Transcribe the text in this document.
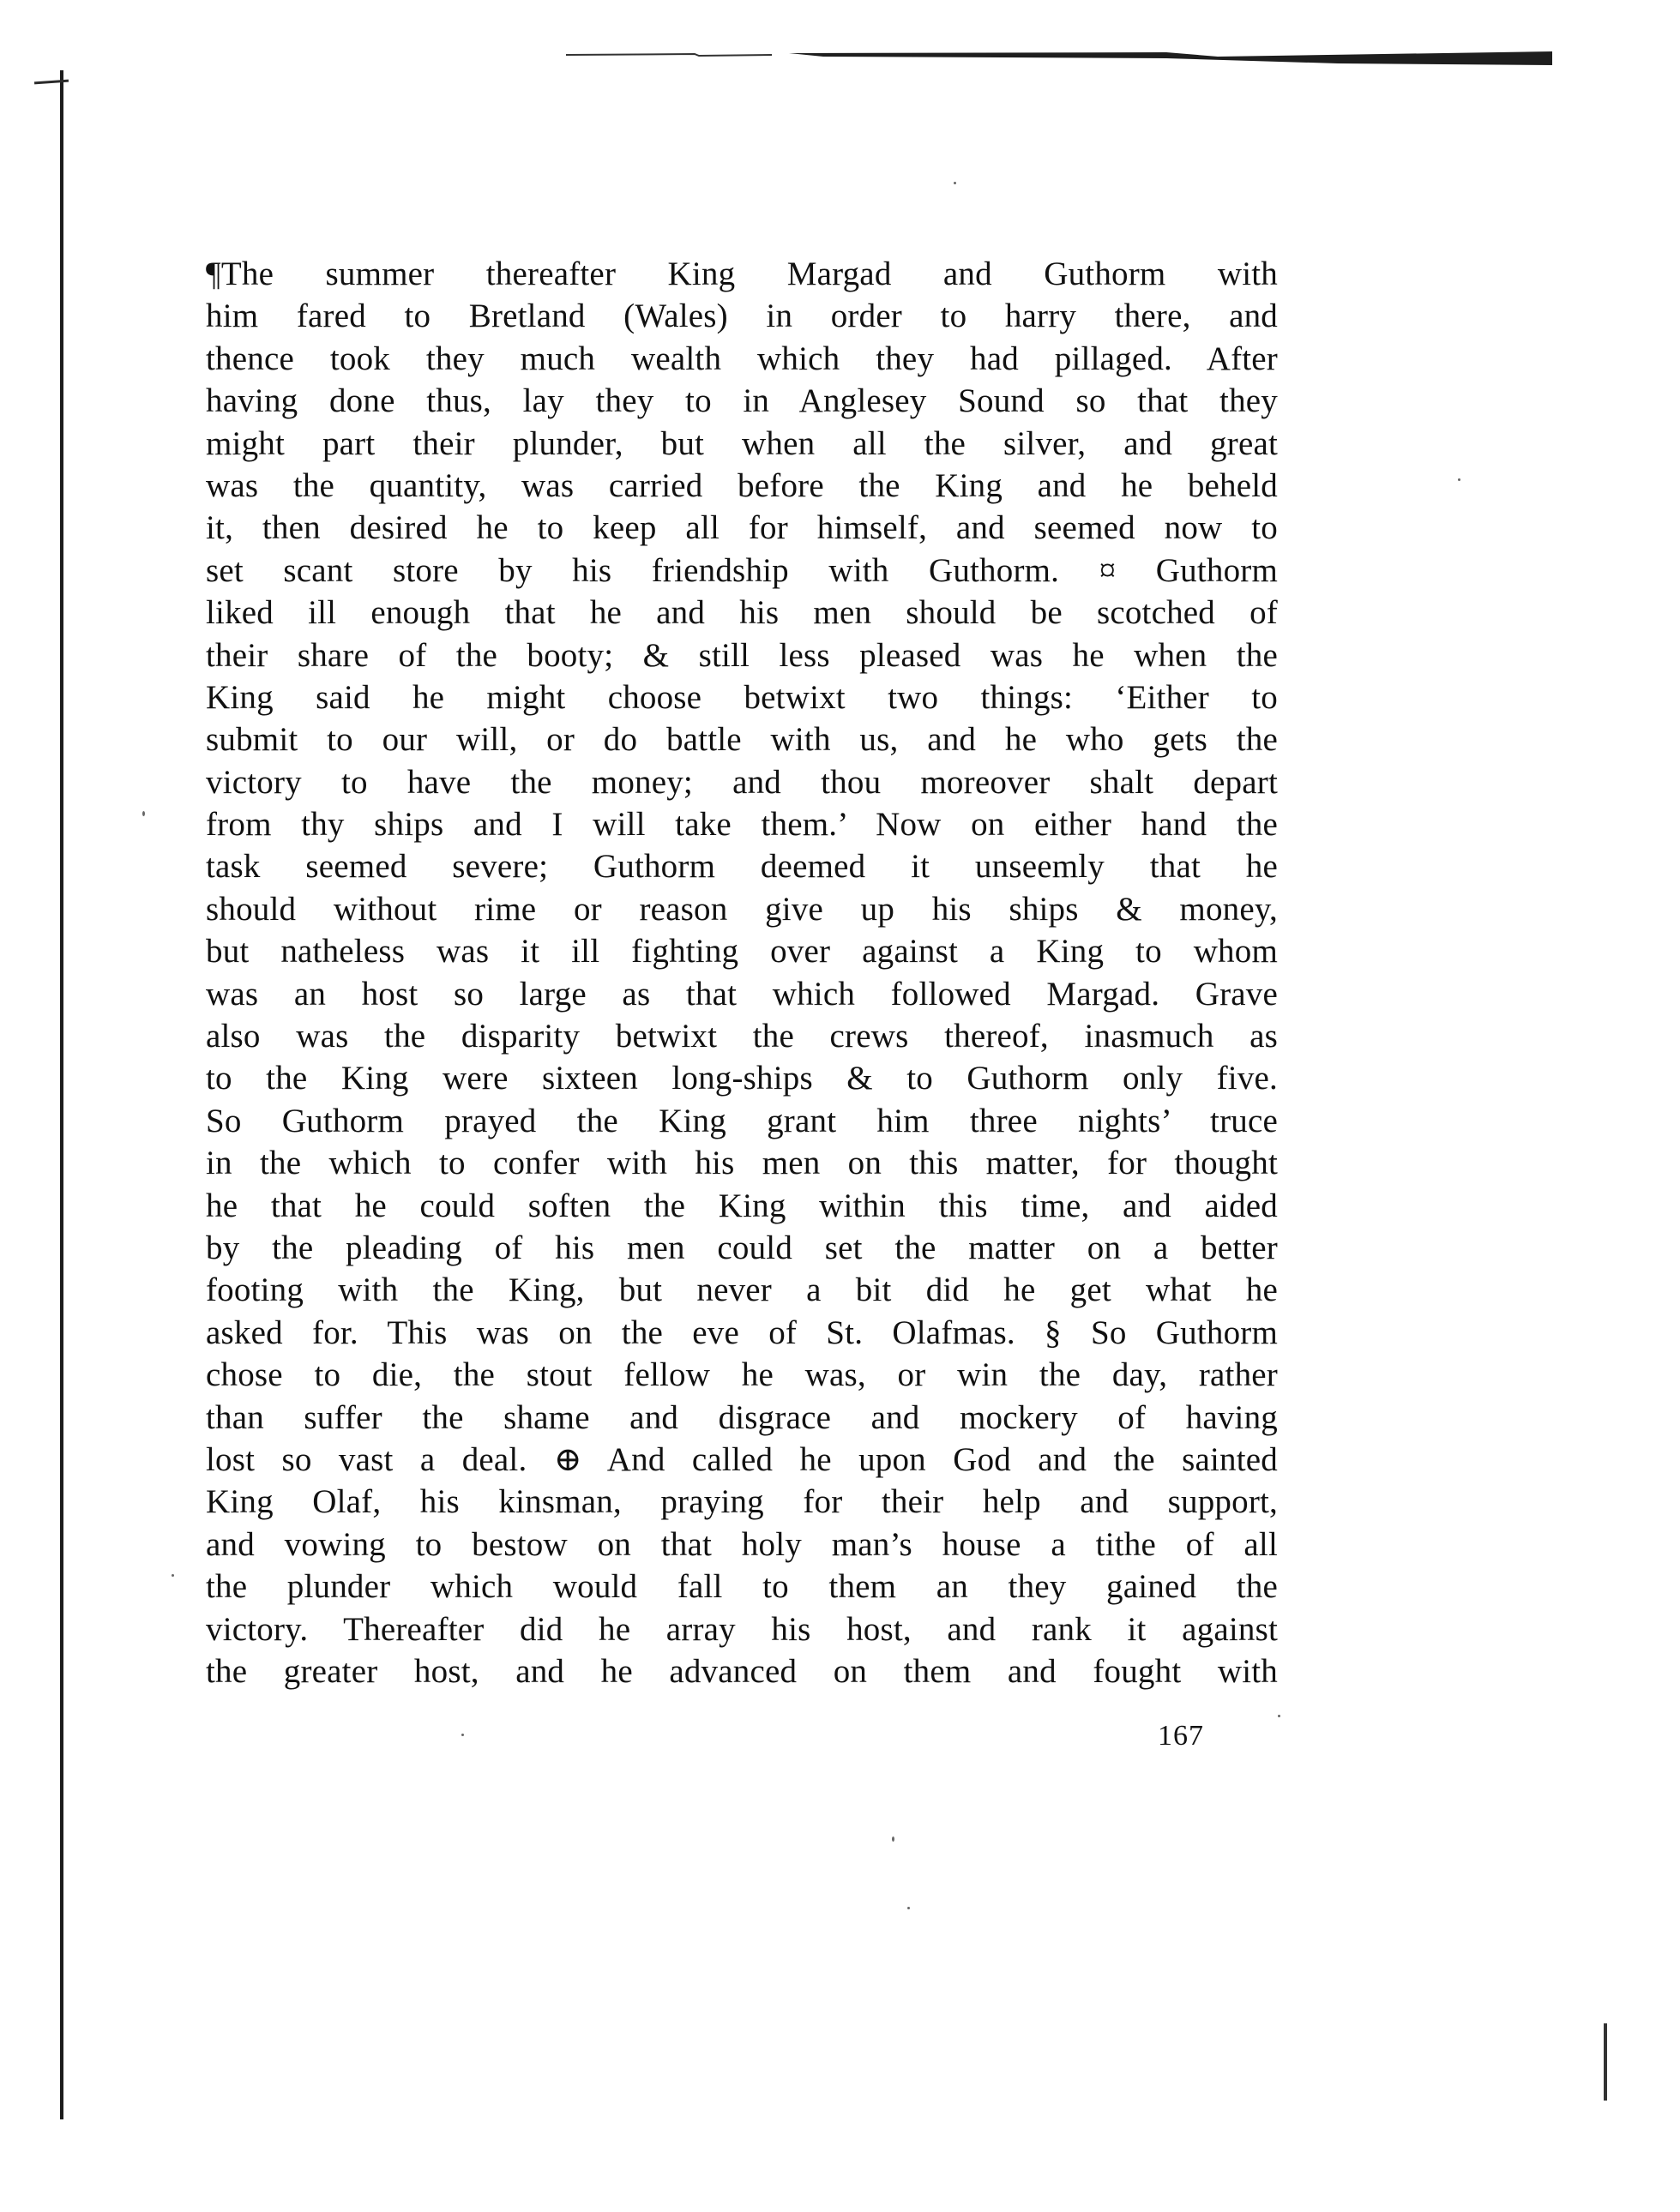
¶The summer thereafter King Margad and Guthorm with
him fared to Bretland (Wales) in order to harry there, and
thence took they much wealth which they had pillaged. After
having done thus, lay they to in Anglesey Sound so that they
might part their plunder, but when all the silver, and great
was the quantity, was carried before the King and he beheld
it, then desired he to keep all for himself, and seemed now to
set scant store by his friendship with Guthorm. ¤ Guthorm
liked ill enough that he and his men should be scotched of
their share of the booty; & still less pleased was he when the
King said he might choose betwixt two things: ‘Either to
submit to our will, or do battle with us, and he who gets the
victory to have the money; and thou moreover shalt depart
from thy ships and I will take them.’ Now on either hand the
task seemed severe; Guthorm deemed it unseemly that he
should without rime or reason give up his ships & money,
but natheless was it ill fighting over against a King to whom
was an host so large as that which followed Margad. Grave
also was the disparity betwixt the crews thereof, inasmuch as
to the King were sixteen long-ships & to Guthorm only five.
So Guthorm prayed the King grant him three nights’ truce
in the which to confer with his men on this matter, for thought
he that he could soften the King within this time, and aided
by the pleading of his men could set the matter on a better
footing with the King, but never a bit did he get what he
asked for. This was on the eve of St. Olafmas. § So Guthorm
chose to die, the stout fellow he was, or win the day, rather
than suffer the shame and disgrace and mockery of having
lost so vast a deal. ⊕ And called he upon God and the sainted
King Olaf, his kinsman, praying for their help and support,
and vowing to bestow on that holy man’s house a tithe of all
the plunder which would fall to them an they gained the
victory. Thereafter did he array his host, and rank it against
the greater host, and he advanced on them and fought with
167
